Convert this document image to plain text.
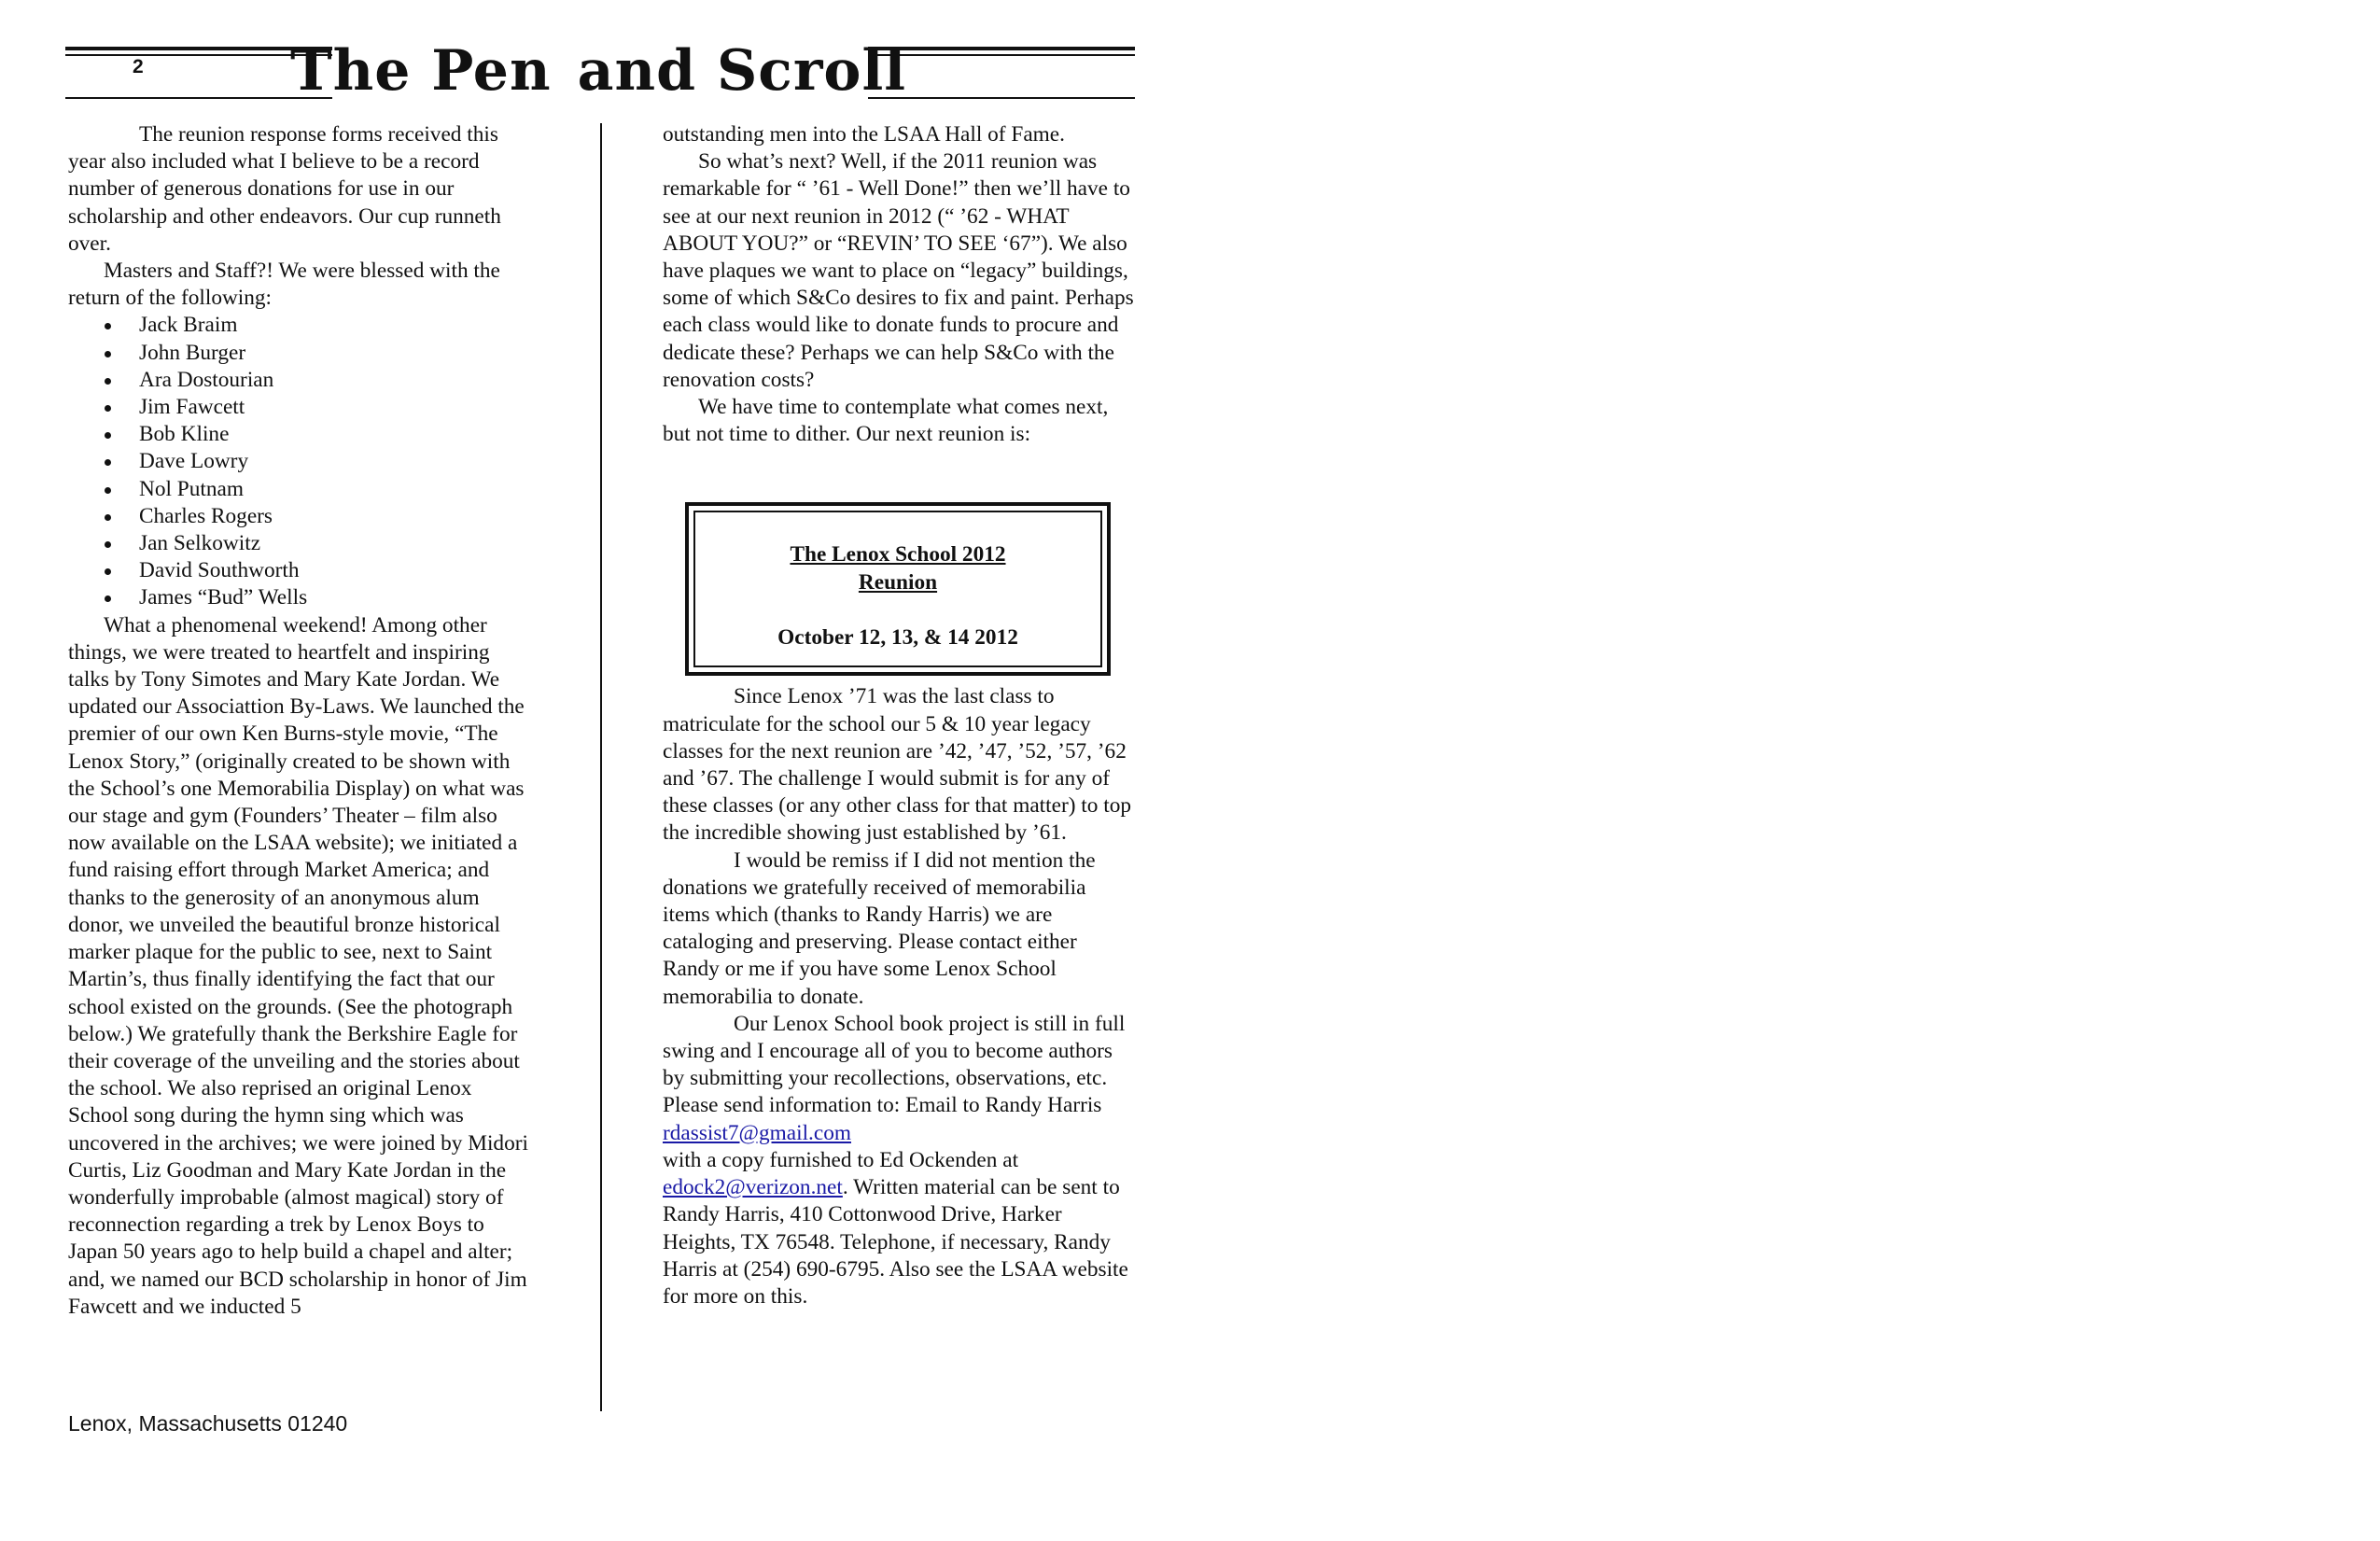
2	The Pen and Scroll

The reunion response forms received this year also included what I believe to be a record number of generous donations for use in our scholarship and other endeavors. Our cup runneth over.

Masters and Staff?! We were blessed with the return of the following:

Jack Braim
John Burger
Ara Dostourian
Jim Fawcett
Bob Kline
Dave Lowry
Nol Putnam
Charles Rogers
Jan Selkowitz
David Southworth
James “Bud” Wells

What a phenomenal weekend! Among other things, we were treated to heartfelt and inspiring talks by Tony Simotes and Mary Kate Jordan. We updated our Associattion By-Laws. We launched the premier of our own Ken Burns-style movie, “The Lenox Story,” (originally created to be shown with the School’s one Memorabilia Display) on what was our stage and gym (Founders’ Theater – film also now available on the LSAA website); we initiated a fund raising effort through Market America; and thanks to the generosity of an anonymous alum donor, we unveiled the beautiful bronze historical marker plaque for the public to see, next to Saint Martin’s, thus finally identifying the fact that our school existed on the grounds. (See the photograph below.) We gratefully thank the Berkshire Eagle for their coverage of the unveiling and the stories about the school. We also reprised an original Lenox School song during the hymn sing which was uncovered in the archives; we were joined by Midori Curtis, Liz Goodman and Mary Kate Jordan in the wonderfully improbable (almost magical) story of reconnection regarding a trek by Lenox Boys to Japan 50 years ago to help build a chapel and alter; and, we named our BCD scholarship in honor of Jim Fawcett and we inducted 5

outstanding men into the LSAA Hall of Fame.

So what’s next? Well, if the 2011 reunion was remarkable for “ ’61 - Well Done!” then we’ll have to see at our next reunion in 2012 (“ ’62 - WHAT ABOUT YOU?” or “REVIN’ TO SEE ‘67”). We also have plaques we want to place on “legacy” buildings, some of which S&Co desires to fix and paint. Perhaps each class would like to donate funds to procure and dedicate these? Perhaps we can help S&Co with the renovation costs?

We have time to contemplate what comes next, but not time to dither. Our next reunion is:

Since Lenox ’71 was the last class to matriculate for the school our 5 & 10 year legacy classes for the next reunion are ’42, ’47, ’52, ’57, ’62 and ’67. The challenge I would submit is for any of these classes (or any other class for that matter) to top the incredible showing just established by ’61.

I would be remiss if I did not mention the donations we gratefully received of memorabilia items which (thanks to Randy Harris) we are cataloging and preserving. Please contact either Randy or me if you have some Lenox School memorabilia to donate.

Our Lenox School book project is still in full swing and I encourage all of you to become authors by submitting your recollections, observations, etc. Please send information to: Email to Randy Harris rdassist7@gmail.com
with a copy furnished to Ed Ockenden at
edock2@verizon.net. Written material can be sent to Randy Harris, 410 Cottonwood Drive, Harker Heights, TX 76548. Telephone, if necessary, Randy Harris at (254) 690-6795. Also see the LSAA website for more on this.

The Lenox School 2012
Reunion
October 12, 13, & 14 2012
Lenox, Massachusetts 01240
